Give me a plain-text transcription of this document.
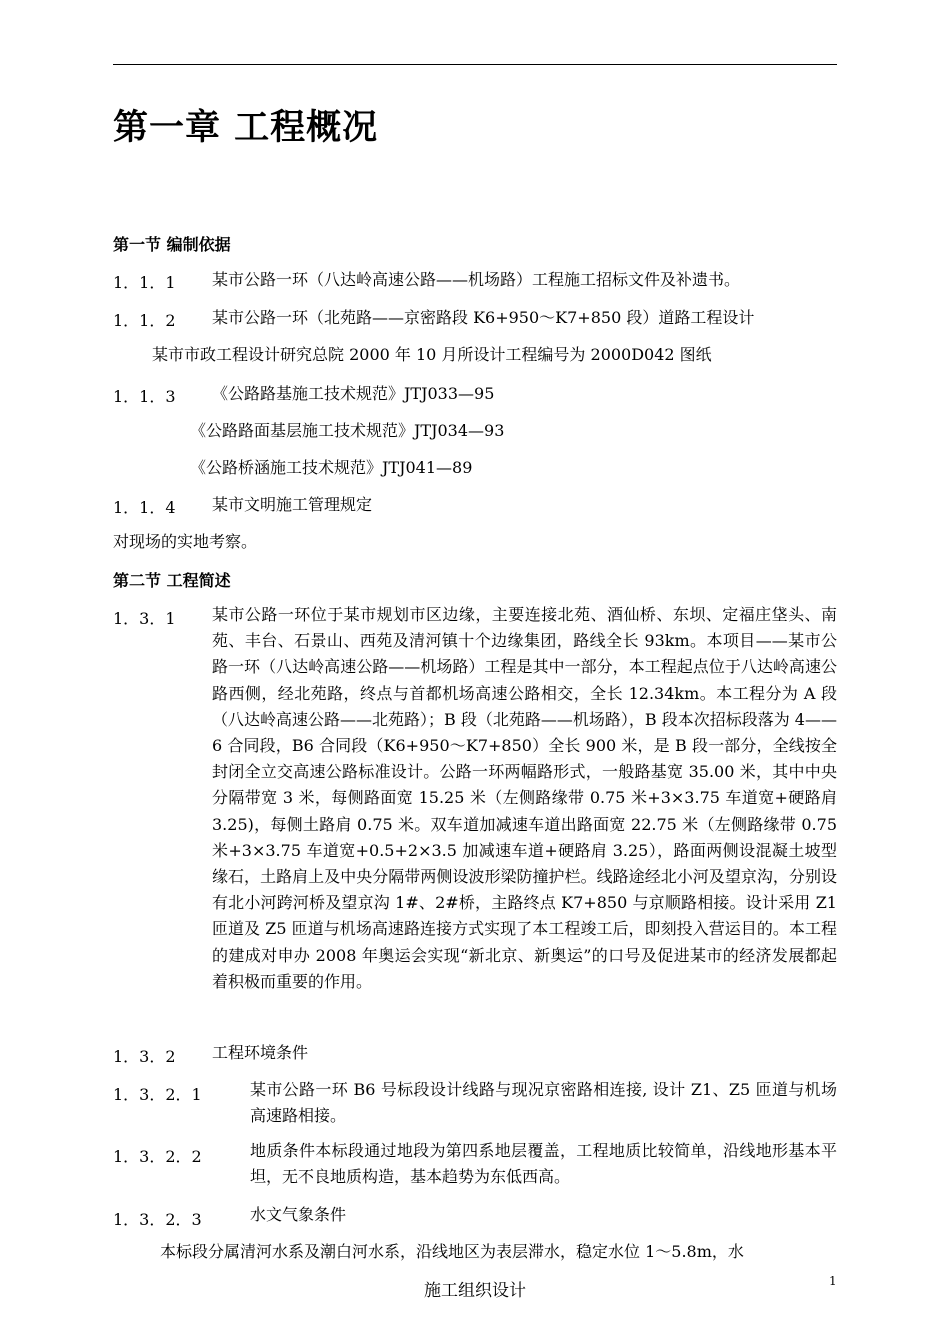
第一章 工程概况
第一节 编制依据
1．1．1 某市公路一环（八达岭高速公路——机场路）工程施工招标文件及补遗书。
1．1．2 某市公路一环（北苑路——京密路段 K6+950～K7+850 段）道路工程设计
某市市政工程设计研究总院 2000 年 10 月所设计工程编号为 2000D042 图纸
1．1．3 《公路路基施工技术规范》JTJ033—95
《公路路面基层施工技术规范》JTJ034—93
《公路桥涵施工技术规范》JTJ041—89
1．1．4 某市文明施工管理规定
对现场的实地考察。
第二节 工程简述
1．3．1 某市公路一环位于某市规划市区边缘，主要连接北苑、酒仙桥、东坝、定福庄垡头、南苑、丰台、石景山、西苑及清河镇十个边缘集团，路线全长 93km。本项目——某市公路一环（八达岭高速公路——机场路）工程是其中一部分，本工程起点位于八达岭高速公路西侧，经北苑路，终点与首都机场高速公路相交，全长 12.34km。本工程分为 A 段（八达岭高速公路——北苑路）；B 段（北苑路——机场路），B 段本次招标段落为 4——6 合同段，B6 合同段（K6+950～K7+850）全长 900 米，是 B 段一部分，全线按全封闭全立交高速公路标准设计。公路一环两幅路形式，一般路基宽 35.00 米，其中中央分隔带宽 3 米，每侧路面宽 15.25 米（左侧路缘带 0.75 米+3×3.75 车道宽+硬路肩 3.25)，每侧土路肩 0.75 米。双车道加减速车道出路面宽 22.75 米（左侧路缘带 0.75 米+3×3.75 车道宽+0.5+2×3.5 加减速车道+硬路肩 3.25），路面两侧设混凝土坡型缘石，土路肩上及中央分隔带两侧设波形梁防撞护栏。线路途经北小河及望京沟，分别设有北小河跨河桥及望京沟 1#、2#桥，主路终点 K7+850 与京顺路相接。设计采用 Z1 匝道及 Z5 匝道与机场高速路连接方式实现了本工程竣工后，即刻投入营运目的。本工程的建成对申办 2008 年奥运会实现“新北京、新奥运”的口号及促进某市的经济发展都起着积极而重要的作用。
1．3．2 工程环境条件
1．3．2．1	某市公路一环 B6 号标段设计线路与现况京密路相连接, 设计 Z1、Z5 匝道与机场高速路相接。
1．3．2．2	地质条件本标段通过地段为第四系地层覆盖，工程地质比较简单，沿线地形基本平坦，无不良地质构造，基本趋势为东低西高。
1．3．2．3	水文气象条件
本标段分属清河水系及潮白河水系，沿线地区为表层滞水，稳定水位 1～5.8m，水
施工组织设计	1
